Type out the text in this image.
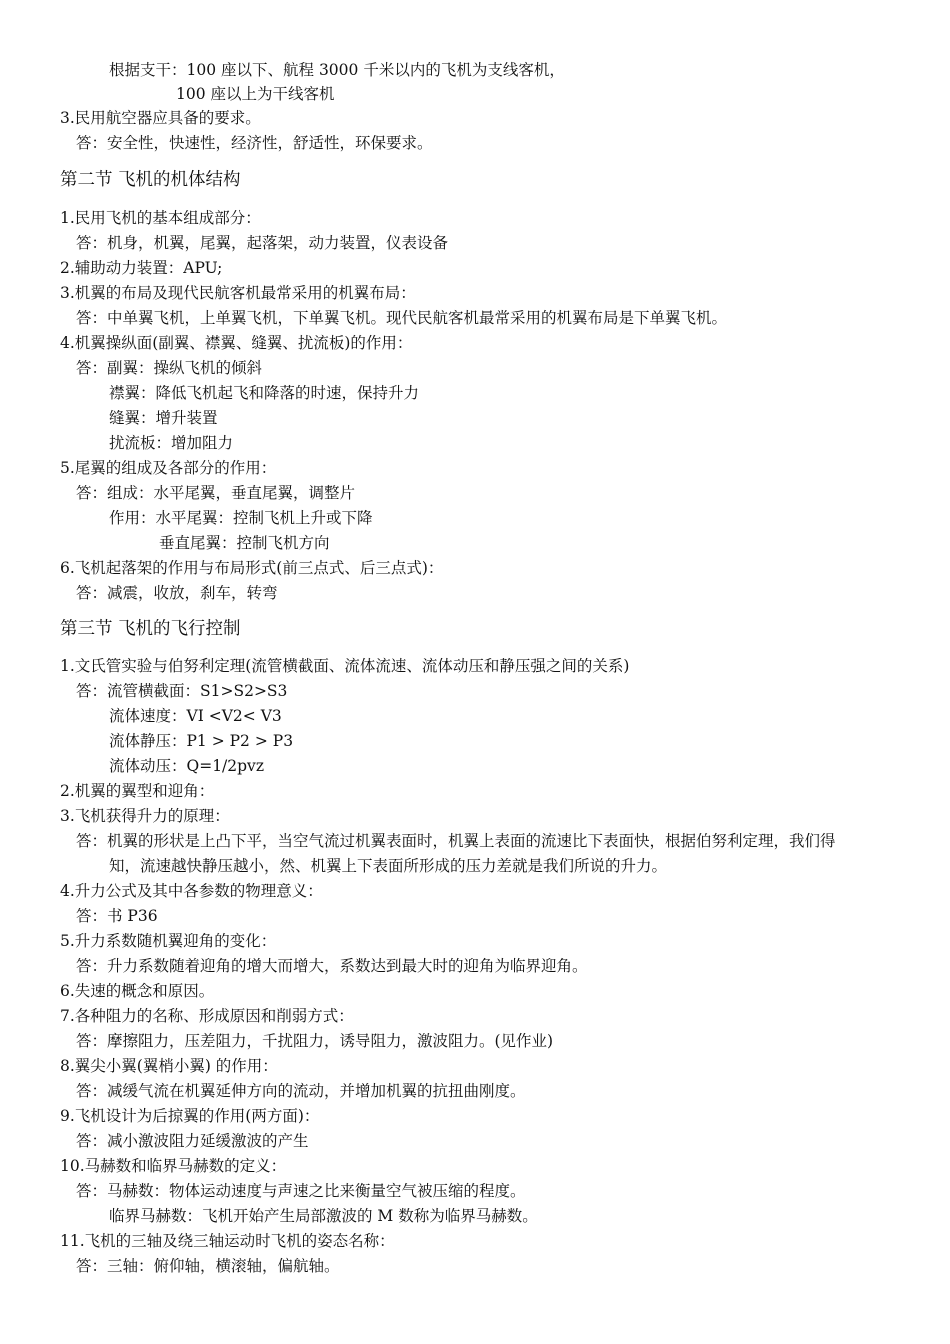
根据支干：100 座以下、航程 3000 千米以内的飞机为支线客机，
100 座以上为干线客机
3.民用航空器应具备的要求。
答：安全性，快速性，经济性，舒适性，环保要求。
第二节 飞机的机体结构
1.民用飞机的基本组成部分：
答：机身，机翼，尾翼，起落架，动力装置，仪表设备
2.辅助动力装置：APU;
3.机翼的布局及现代民航客机最常采用的机翼布局：
答：中单翼飞机，上单翼飞机，下单翼飞机。现代民航客机最常采用的机翼布局是下单翼飞机。
4.机翼操纵面(副翼、襟翼、缝翼、扰流板)的作用：
答：副翼：操纵飞机的倾斜
襟翼：降低飞机起飞和降落的时速，保持升力
缝翼：增升装置
扰流板：增加阻力
5.尾翼的组成及各部分的作用：
答：组成：水平尾翼，垂直尾翼，调整片
作用：水平尾翼：控制飞机上升或下降
垂直尾翼：控制飞机方向
6.飞机起落架的作用与布局形式(前三点式、后三点式)：
答：减震，收放，刹车，转弯
第三节 飞机的飞行控制
1.文氏管实验与伯努利定理(流管横截面、流体流速、流体动压和静压强之间的关系)
答：流管横截面：S1>S2>S3
流体速度：VI <V2< V3
流体静压：P1 > P2 > P3
流体动压：Q=1/2pvz
2.机翼的翼型和迎角：
3.飞机获得升力的原理：
答：机翼的形状是上凸下平，当空气流过机翼表面时，机翼上表面的流速比下表面快，根据伯努利定理，我们得
知，流速越快静压越小，然、机翼上下表面所形成的压力差就是我们所说的升力。
4.升力公式及其中各参数的物理意义：
答：书 P36
5.升力系数随机翼迎角的变化：
答：升力系数随着迎角的增大而增大，系数达到最大时的迎角为临界迎角。
6.失速的概念和原因。
7.各种阻力的名称、形成原因和削弱方式：
答：摩擦阻力，压差阻力，千扰阻力，诱导阻力，激波阻力。(见作业)
8.翼尖小翼(翼梢小翼) 的作用：
答：减缓气流在机翼延伸方向的流动，并增加机翼的抗扭曲刚度。
9.飞机设计为后掠翼的作用(两方面)：
答：减小激波阻力延缓激波的产生
10.马赫数和临界马赫数的定义：
答：马赫数：物体运动速度与声速之比来衡量空气被压缩的程度。
临界马赫数：飞机开始产生局部激波的 M 数称为临界马赫数。
11.飞机的三轴及绕三轴运动时飞机的姿态名称：
答：三轴：俯仰轴，横滚轴，偏航轴。
